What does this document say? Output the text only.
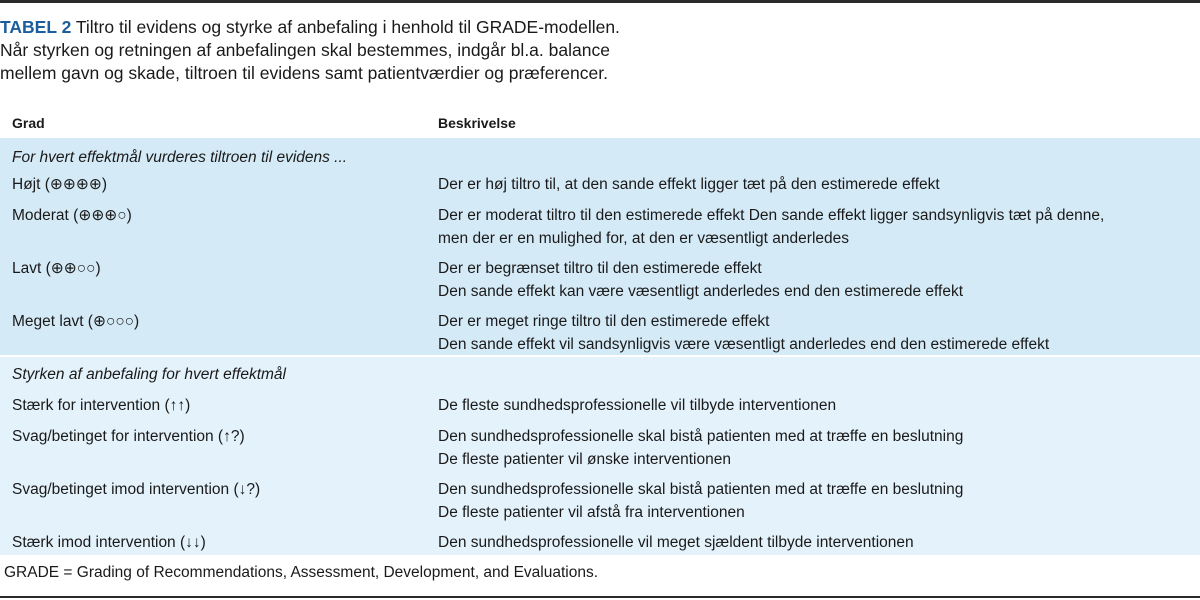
TABEL 2 Tiltro til evidens og styrke af anbefaling i henhold til GRADE-modellen.
Når styrken og retningen af anbefalingen skal bestemmes, indgår bl.a. balance
mellem gavn og skade, tiltroen til evidens samt patientværdier og præferencer.
Grad	Beskrivelse
For hvert effektmål vurderes tiltroen til evidens ...
Højt (⊕⊕⊕⊕)	Der er høj tiltro til, at den sande effekt ligger tæt på den estimerede effekt
Moderat (⊕⊕⊕○)	Der er moderat tiltro til den estimerede effekt Den sande effekt ligger sandsynligvis tæt på denne,
men der er en mulighed for, at den er væsentligt anderledes
Lavt (⊕⊕○○)	Der er begrænset tiltro til den estimerede effekt
Den sande effekt kan være væsentligt anderledes end den estimerede effekt
Meget lavt (⊕○○○)	Der er meget ringe tiltro til den estimerede effekt
Den sande effekt vil sandsynligvis være væsentligt anderledes end den estimerede effekt
Styrken af anbefaling for hvert effektmål
Stærk for intervention (↑↑)	De fleste sundhedsprofessionelle vil tilbyde interventionen
Svag/betinget for intervention (↑?)	Den sundhedsprofessionelle skal bistå patienten med at træffe en beslutning
De fleste patienter vil ønske interventionen
Svag/betinget imod intervention (↓?)	Den sundhedsprofessionelle skal bistå patienten med at træffe en beslutning
De fleste patienter vil afstå fra interventionen
Stærk imod intervention (↓↓)	Den sundhedsprofessionelle vil meget sjældent tilbyde interventionen
GRADE = Grading of Recommendations, Assessment, Development, and Evaluations.
